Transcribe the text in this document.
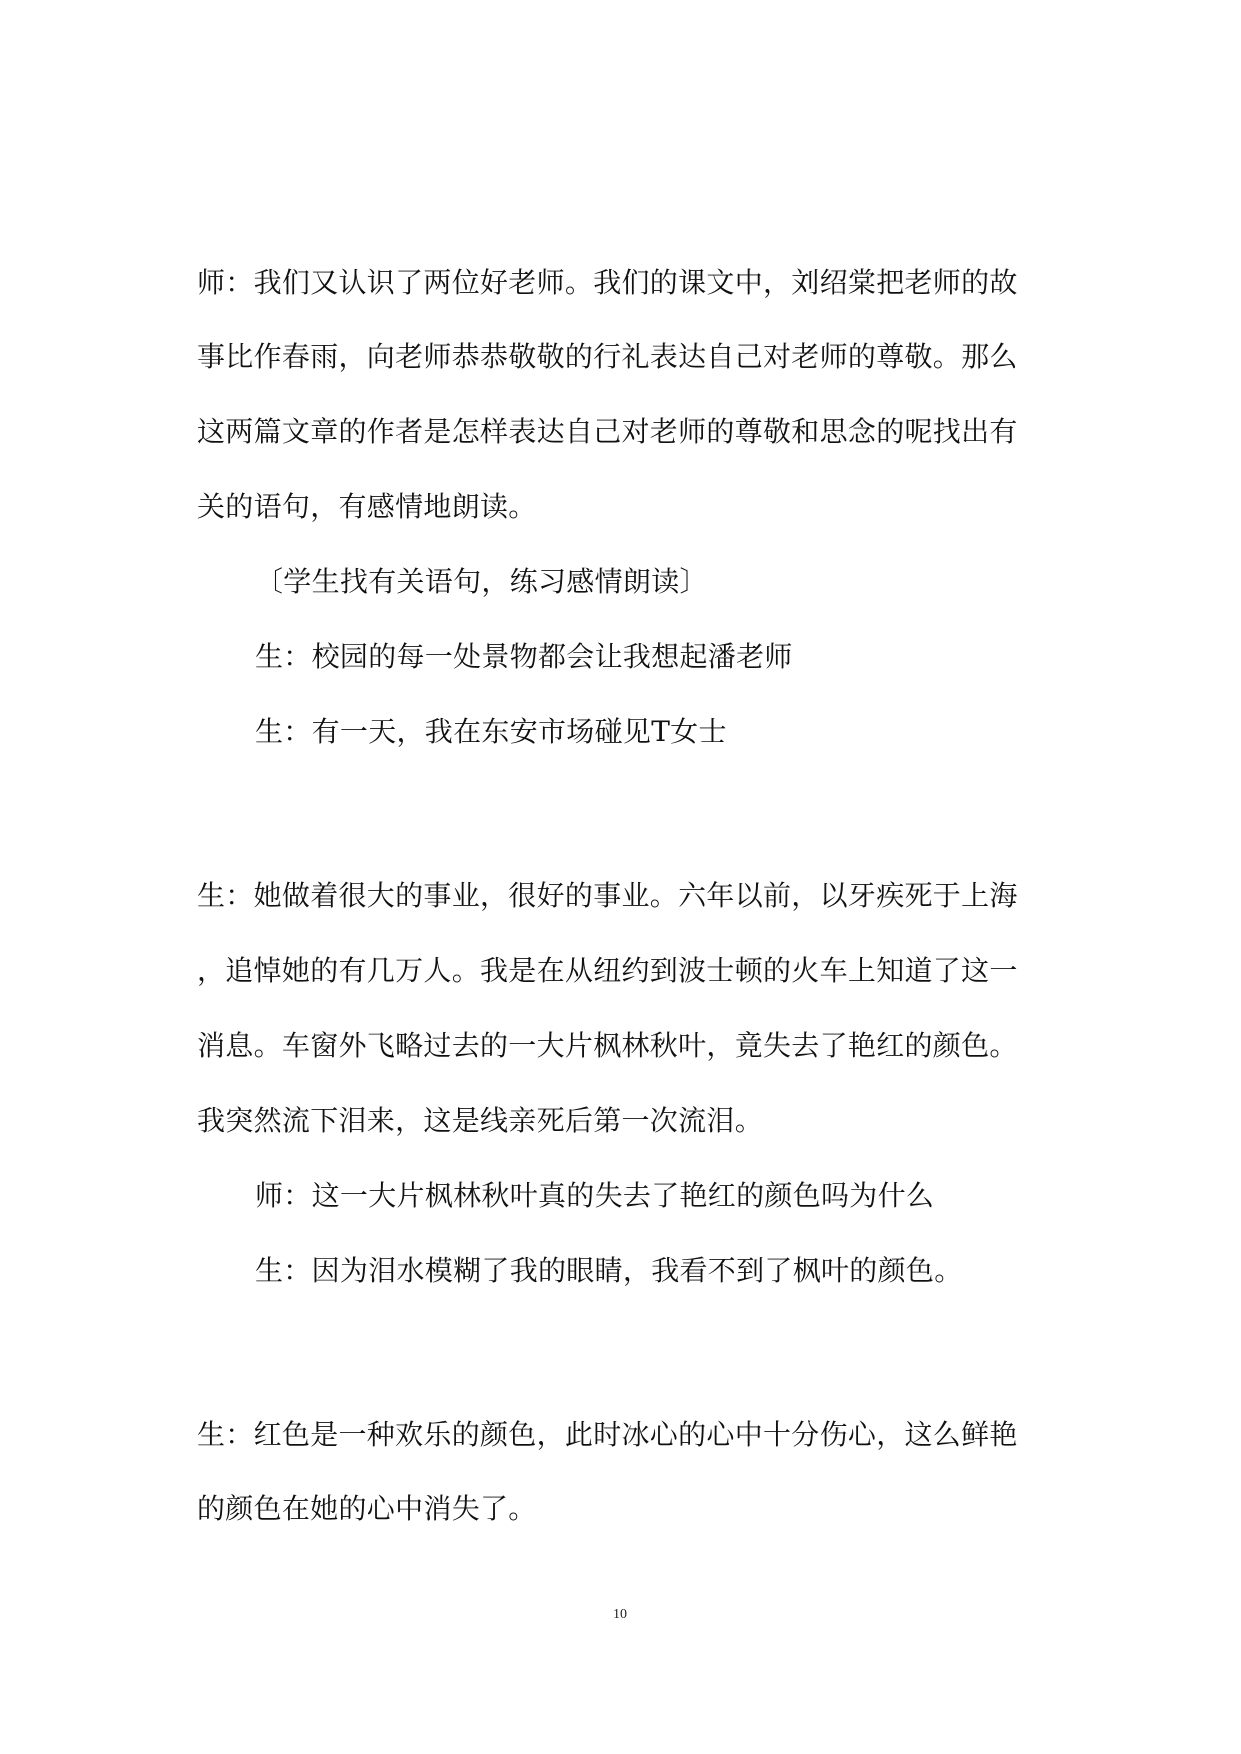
师：我们又认识了两位好老师。我们的课文中，刘绍棠把老师的故
事比作春雨，向老师恭恭敬敬的行礼表达自己对老师的尊敬。那么
这两篇文章的作者是怎样表达自己对老师的尊敬和思念的呢找出有
关的语句，有感情地朗读。
〔学生找有关语句，练习感情朗读〕
生：校园的每一处景物都会让我想起潘老师
生：有一天，我在东安市场碰见T女士
生：她做着很大的事业，很好的事业。六年以前，以牙疾死于上海
，追悼她的有几万人。我是在从纽约到波士顿的火车上知道了这一
消息。车窗外飞略过去的一大片枫林秋叶，竟失去了艳红的颜色。
我突然流下泪来，这是线亲死后第一次流泪。
师：这一大片枫林秋叶真的失去了艳红的颜色吗为什么
生：因为泪水模糊了我的眼睛，我看不到了枫叶的颜色。
生：红色是一种欢乐的颜色，此时冰心的心中十分伤心，这么鲜艳
的颜色在她的心中消失了。
10
